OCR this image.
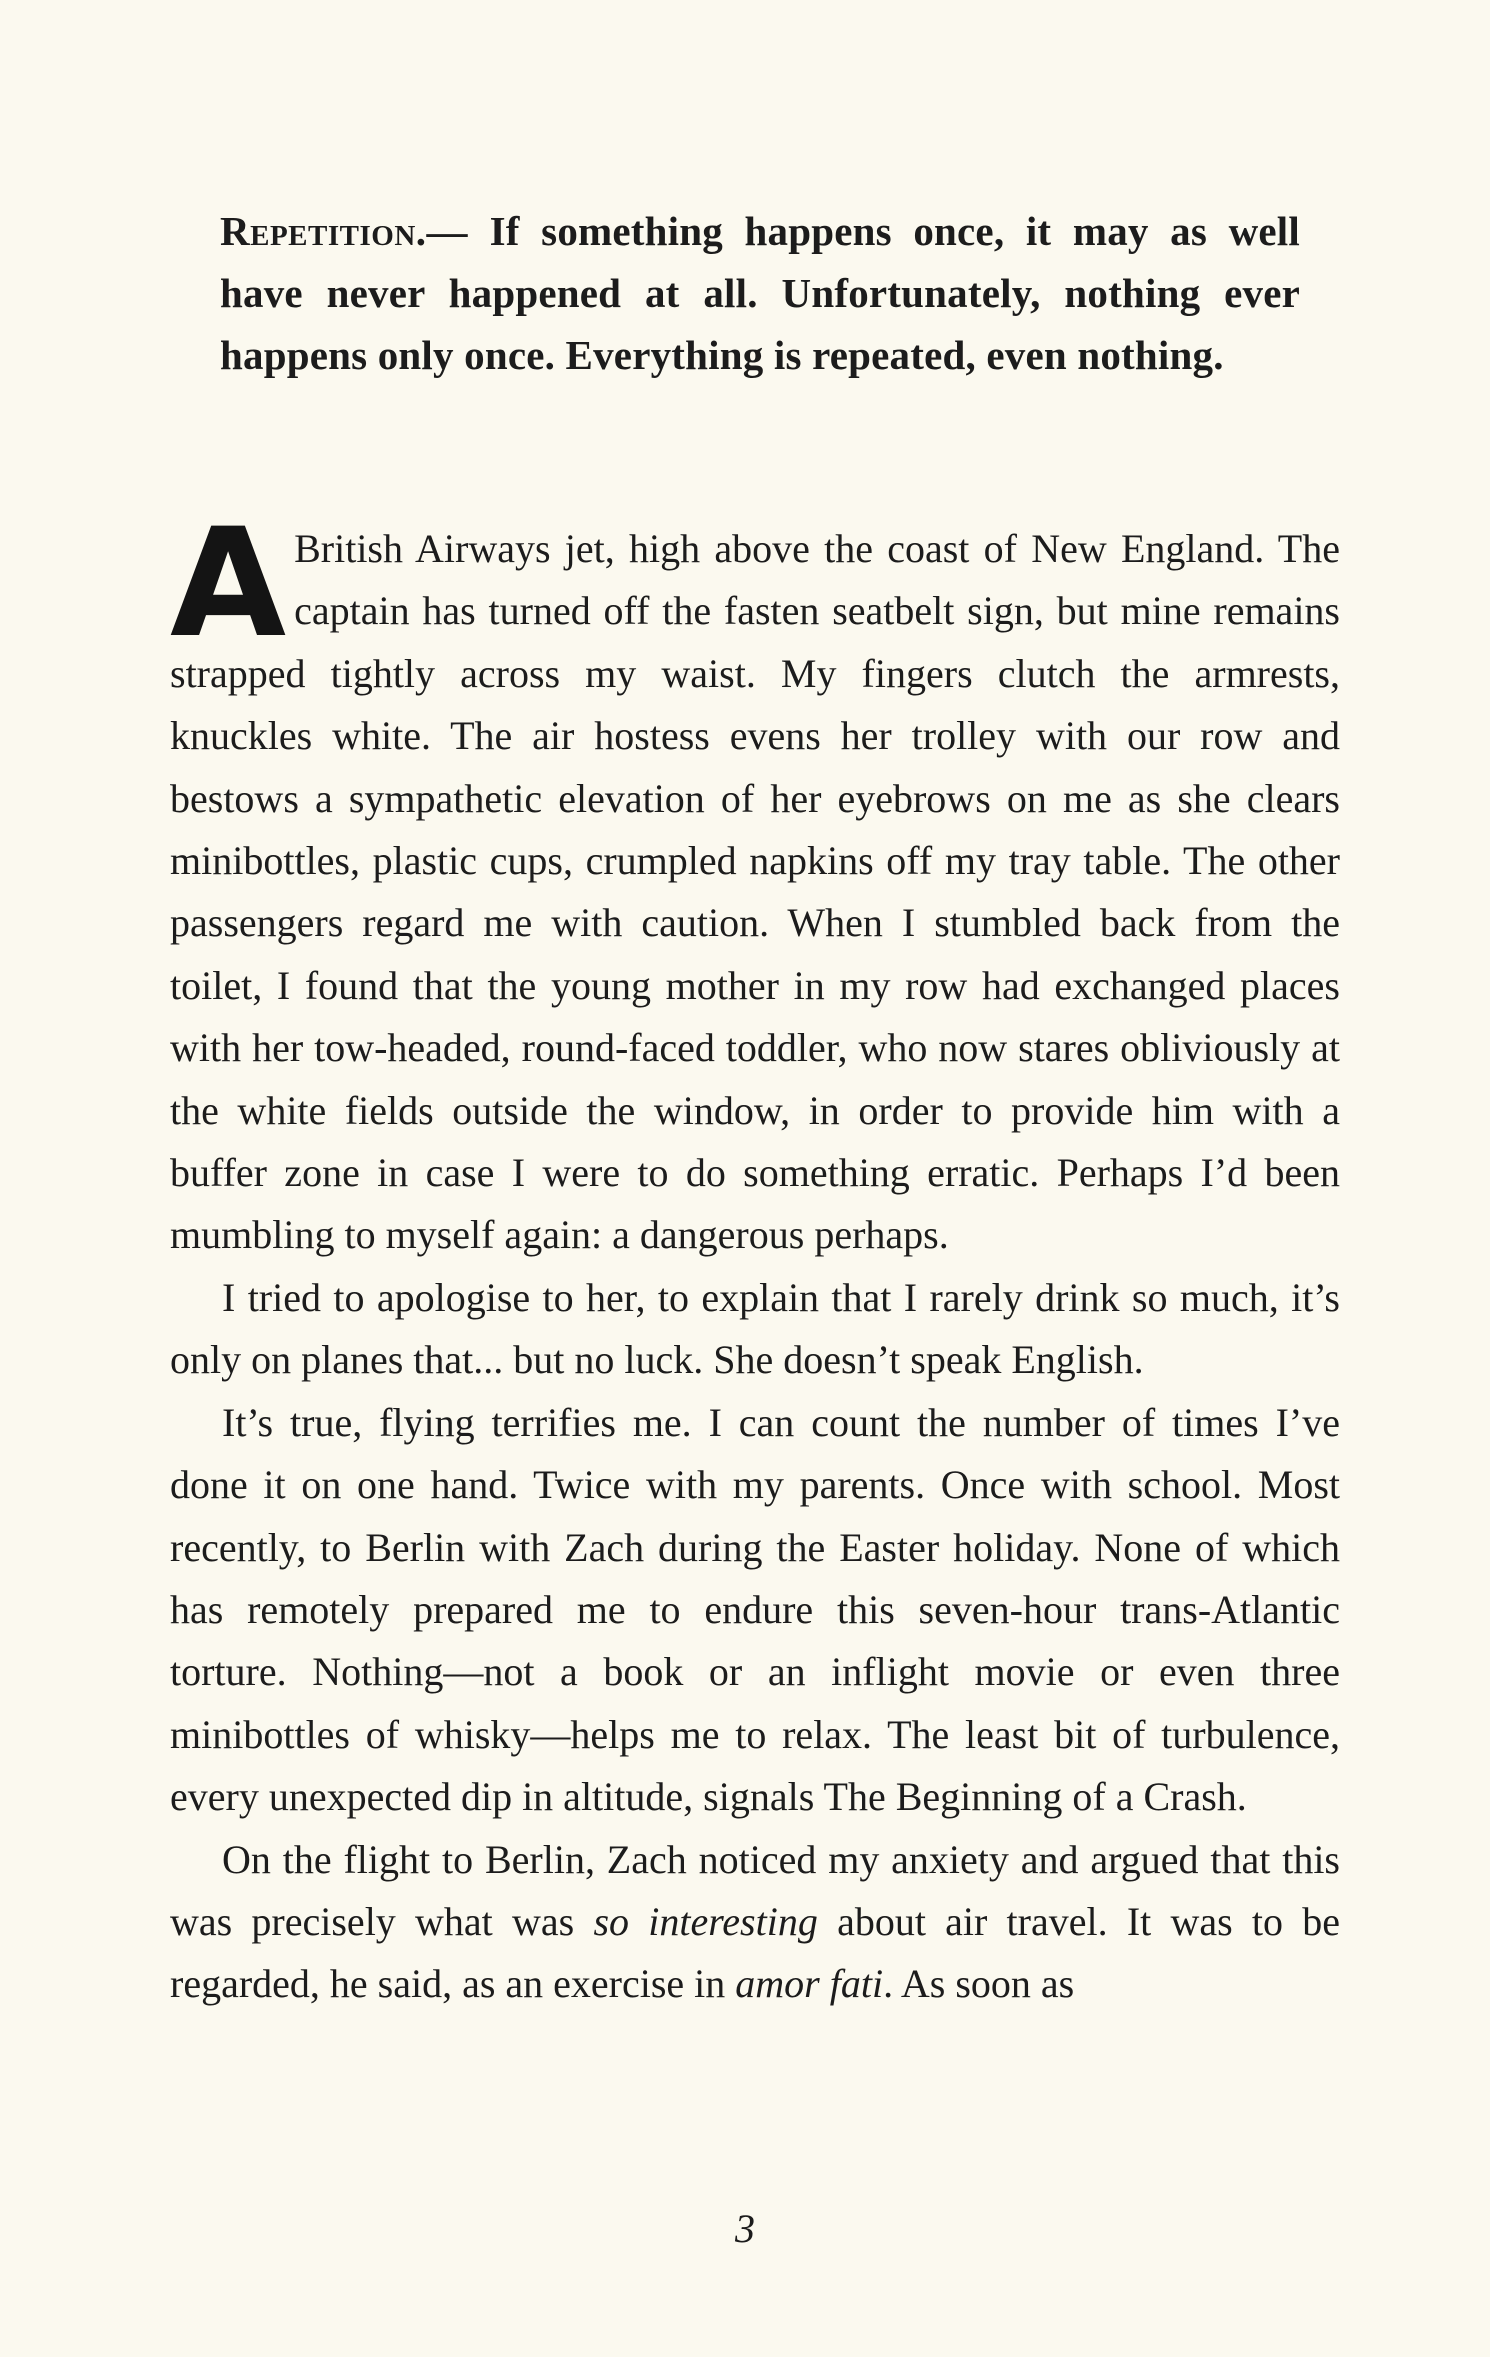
Repetition.— If something happens once, it may as well have never happened at all. Unfortunately, nothing ever happens only once. Everything is repeated, even nothing.

A British Airways jet, high above the coast of New England. The captain has turned off the fasten seatbelt sign, but mine remains strapped tightly across my waist. My fingers clutch the armrests, knuckles white. The air hostess evens her trolley with our row and bestows a sympathetic elevation of her eyebrows on me as she clears minibottles, plastic cups, crumpled napkins off my tray table. The other passengers regard me with caution. When I stumbled back from the toilet, I found that the young mother in my row had exchanged places with her tow-headed, round-faced toddler, who now stares obliviously at the white fields outside the window, in order to provide him with a buffer zone in case I were to do something erratic. Perhaps I’d been mumbling to myself again: a dangerous perhaps.

I tried to apologise to her, to explain that I rarely drink so much, it’s only on planes that... but no luck. She doesn’t speak English.

It’s true, flying terrifies me. I can count the number of times I’ve done it on one hand. Twice with my parents. Once with school. Most recently, to Berlin with Zach during the Easter holiday. None of which has remotely prepared me to endure this seven-hour trans-Atlantic torture. Nothing—not a book or an inflight movie or even three minibottles of whisky—helps me to relax. The least bit of turbulence, every unexpected dip in altitude, signals The Beginning of a Crash.

On the flight to Berlin, Zach noticed my anxiety and argued that this was precisely what was so interesting about air travel. It was to be regarded, he said, as an exercise in amor fati. As soon as

3
